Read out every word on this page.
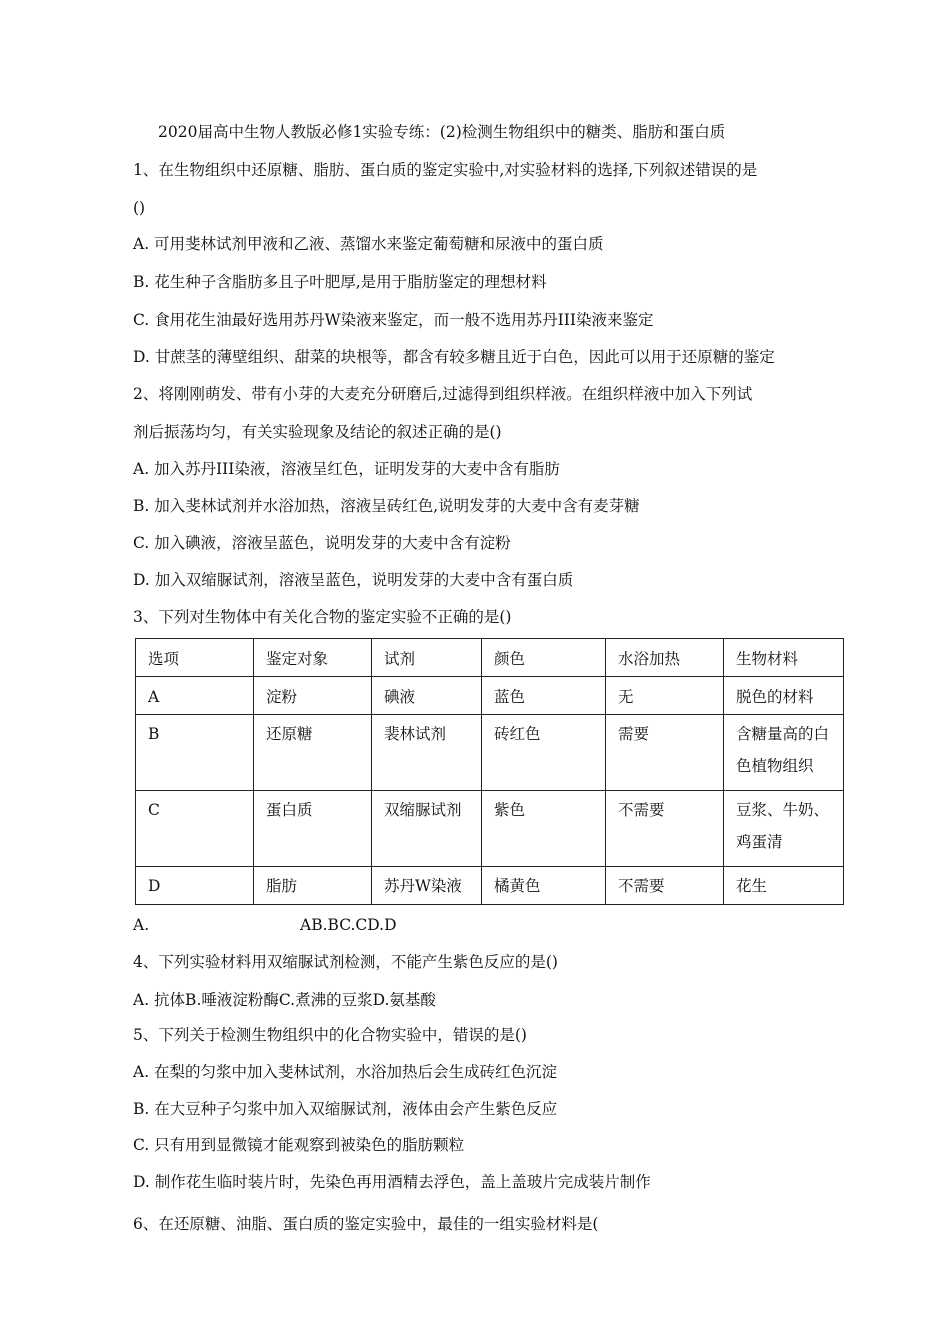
2020届高中生物人教版必修1实验专练：(2)检测生物组织中的糖类、脂肪和蛋白质
1、在生物组织中还原糖、脂肪、蛋白质的鉴定实验中,对实验材料的选择,下列叙述错误的是
()
A. 可用斐林试剂甲液和乙液、蒸馏水来鉴定葡萄糖和尿液中的蛋白质
B. 花生种子含脂肪多且子叶肥厚,是用于脂肪鉴定的理想材料
C. 食用花生油最好选用苏丹W染液来鉴定，而一般不选用苏丹III染液来鉴定
D. 甘蔗茎的薄壁组织、甜菜的块根等，都含有较多糖且近于白色，因此可以用于还原糖的鉴定
2、将刚刚萌发、带有小芽的大麦充分研磨后,过滤得到组织样液。在组织样液中加入下列试
剂后振荡均匀，有关实验现象及结论的叙述正确的是()
A. 加入苏丹III染液，溶液呈红色，证明发芽的大麦中含有脂肪
B. 加入斐林试剂并水浴加热，溶液呈砖红色,说明发芽的大麦中含有麦芽糖
C. 加入碘液，溶液呈蓝色，说明发芽的大麦中含有淀粉
D. 加入双缩脲试剂，溶液呈蓝色，说明发芽的大麦中含有蛋白质
3、下列对生物体中有关化合物的鉴定实验不正确的是()
选项	鉴定对象	试剂	颜色	水浴加热	生物材料
A	淀粉	碘液	蓝色	无	脱色的材料
B	还原糖	裴林试剂	砖红色	需要	含糖量高的白
色植物组织

C	蛋白质	双缩脲试剂	紫色	不需要	豆浆、牛奶、
鸡蛋清

D	脂肪	苏丹W染液	橘黄色	不需要	花生
A.	AB.BC.CD.D
4、下列实验材料用双缩脲试剂检测，不能产生紫色反应的是()
A. 抗体B.唾液淀粉酶C.煮沸的豆浆D.氨基酸
5、下列关于检测生物组织中的化合物实验中，错误的是()
A. 在梨的匀浆中加入斐林试剂，水浴加热后会生成砖红色沉淀
B. 在大豆种子匀浆中加入双缩脲试剂，液体由会产生紫色反应
C. 只有用到显微镜才能观察到被染色的脂肪颗粒
D. 制作花生临时装片时，先染色再用酒精去浮色，盖上盖玻片完成装片制作
6、在还原糖、油脂、蛋白质的鉴定实验中，最佳的一组实验材料是(
